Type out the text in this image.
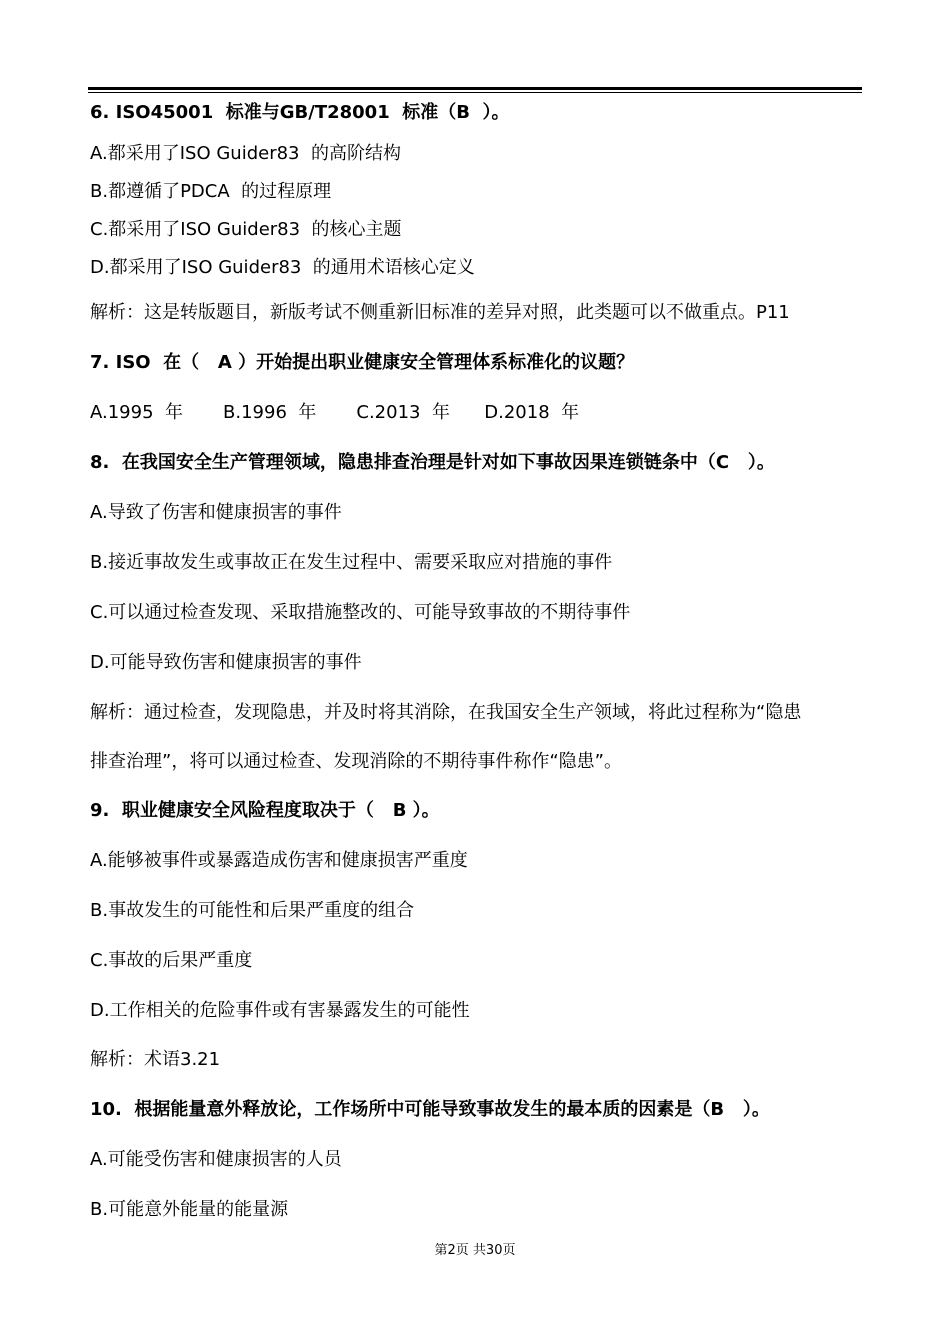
6. ISO45001  标准与GB/T28001  标准（B  ）。
A.都采用了ISO Guider83  的高阶结构
B.都遵循了PDCA  的过程原理
C.都采用了ISO Guider83  的核心主题
D.都采用了ISO Guider83  的通用术语核心定义
解析：这是转版题目，新版考试不侧重新旧标准的差异对照，此类题可以不做重点。P11
7. ISO  在（   A ）开始提出职业健康安全管理体系标准化的议题？
A.1995  年       B.1996  年       C.2013  年      D.2018  年
8.  在我国安全生产管理领域，隐患排查治理是针对如下事故因果连锁链条中（C   ）。
A.导致了伤害和健康损害的事件
B.接近事故发生或事故正在发生过程中、需要采取应对措施的事件
C.可以通过检查发现、采取措施整改的、可能导致事故的不期待事件
D.可能导致伤害和健康损害的事件
解析：通过检查，发现隐患，并及时将其消除，在我国安全生产领域，将此过程称为“隐患
排查治理”，将可以通过检查、发现消除的不期待事件称作“隐患”。
9.  职业健康安全风险程度取决于（   B ）。
A.能够被事件或暴露造成伤害和健康损害严重度
B.事故发生的可能性和后果严重度的组合
C.事故的后果严重度
D.工作相关的危险事件或有害暴露发生的可能性
解析：术语3.21
10.  根据能量意外释放论，工作场所中可能导致事故发生的最本质的因素是（B   ）。
A.可能受伤害和健康损害的人员
B.可能意外能量的能量源
第2页 共30页
